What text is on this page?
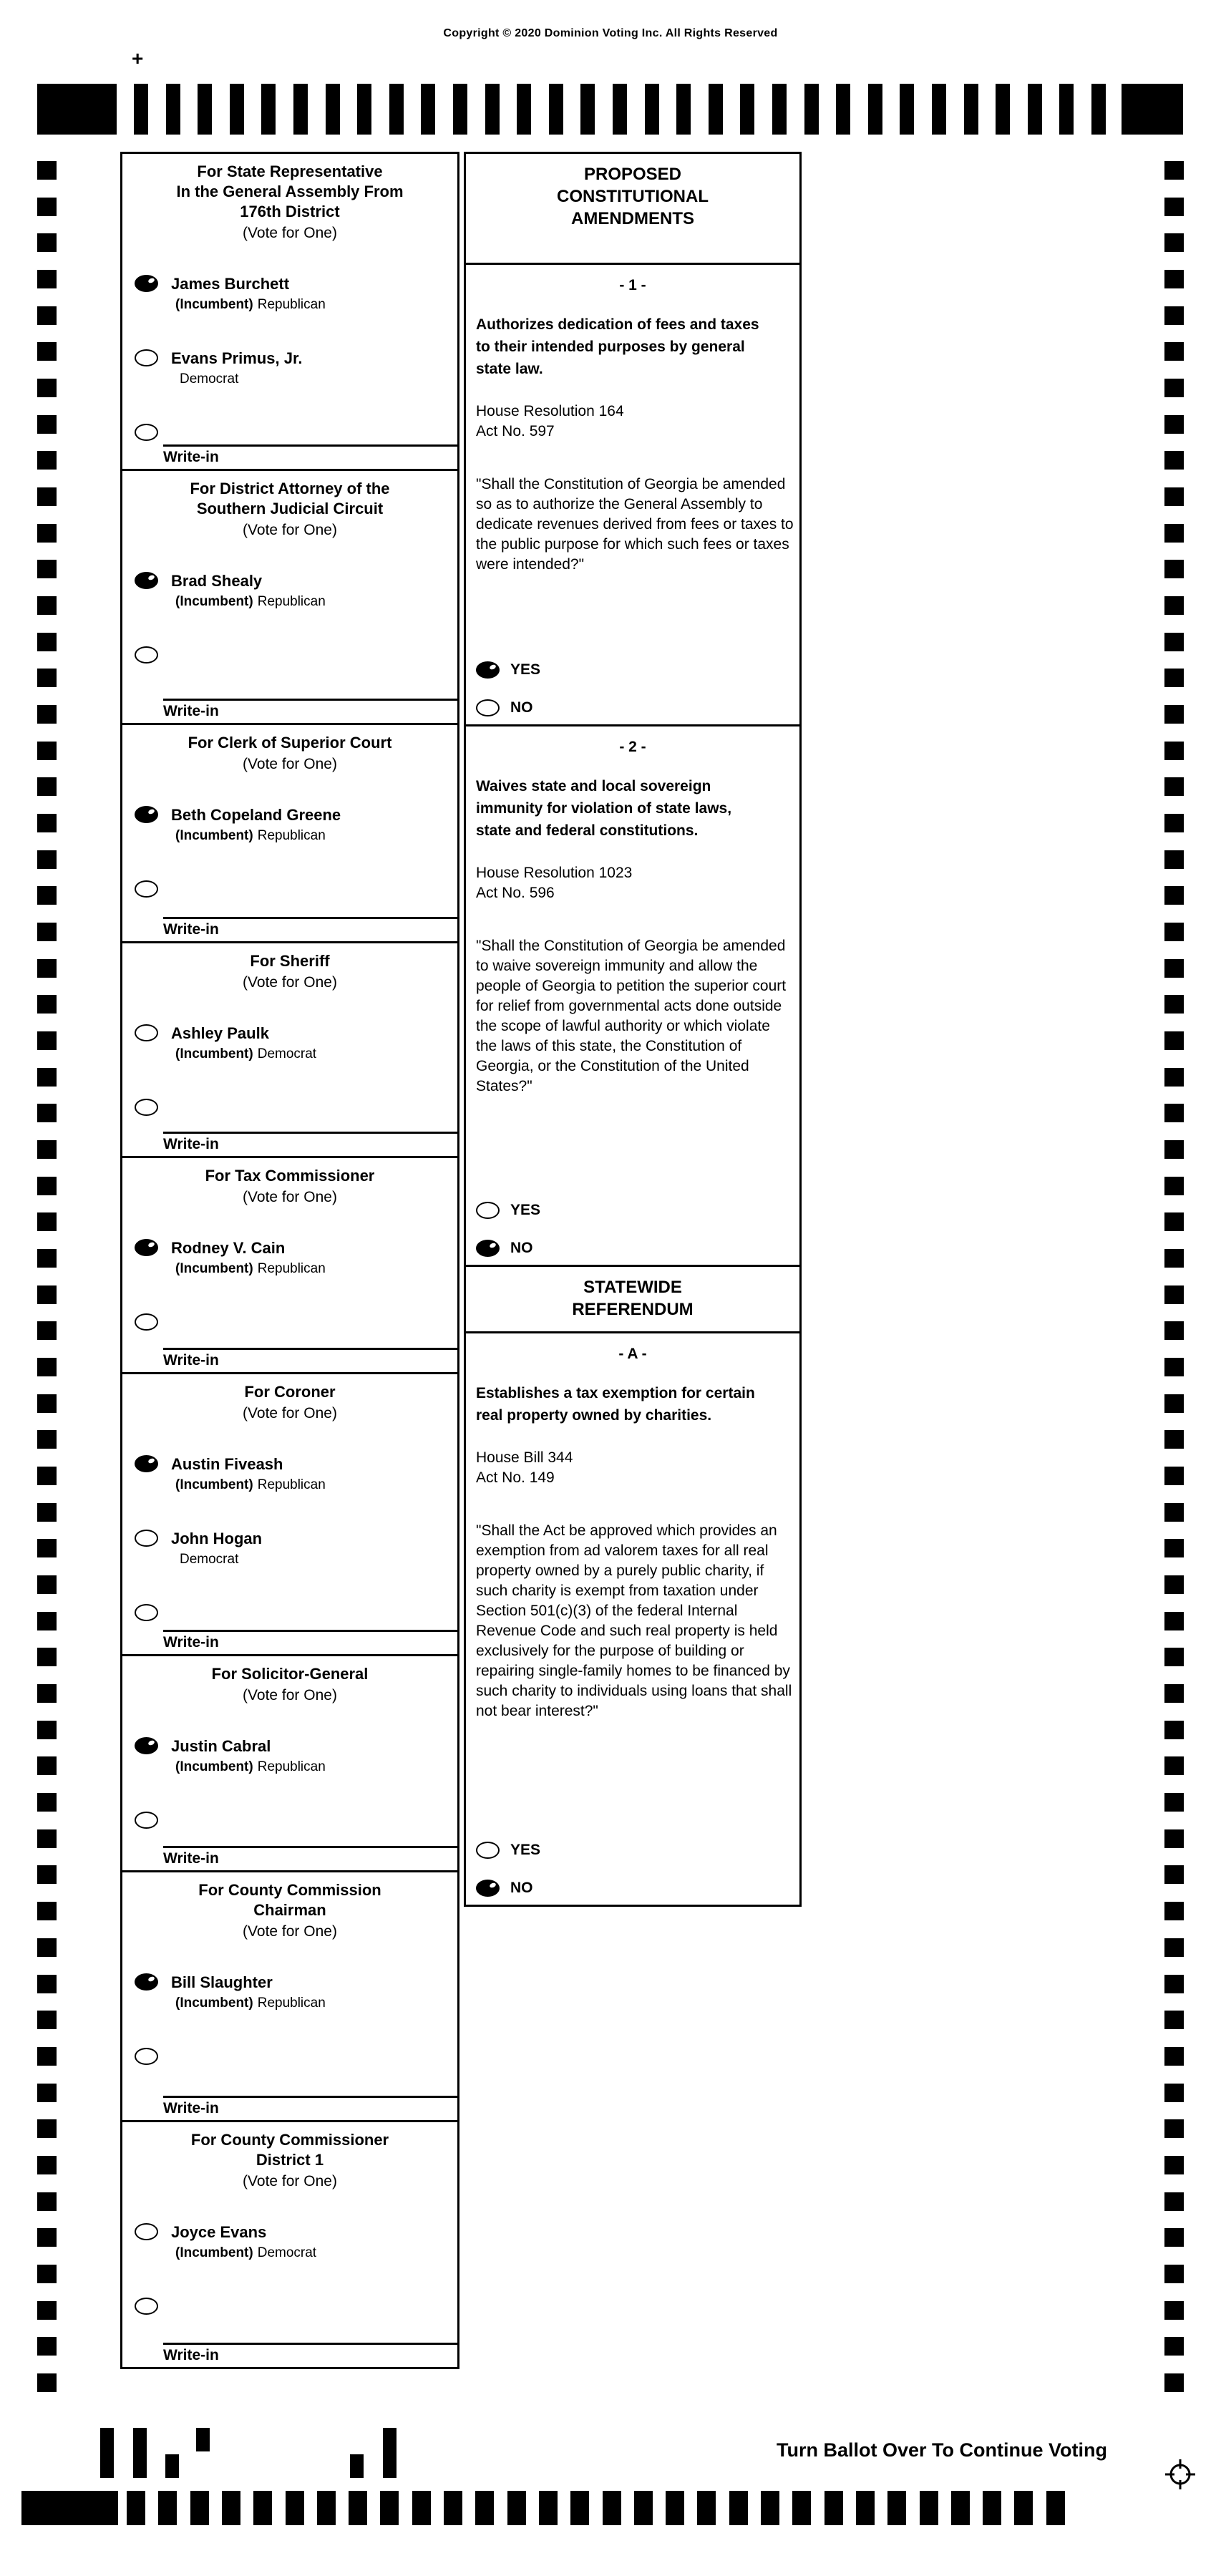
Copyright © 2020 Dominion Voting Inc. All Rights Reserved
+
For State Representative
In the General Assembly From
176th District
(Vote for One)
James Burchett
(Incumbent) Republican
Evans Primus, Jr.
Democrat
Write-in
For District Attorney of the
Southern Judicial Circuit
(Vote for One)
Brad Shealy
(Incumbent) Republican
Write-in
For Clerk of Superior Court
(Vote for One)
Beth Copeland Greene
(Incumbent) Republican
Write-in
For Sheriff
(Vote for One)
Ashley Paulk
(Incumbent) Democrat
Write-in
For Tax Commissioner
(Vote for One)
Rodney V. Cain
(Incumbent) Republican
Write-in
For Coroner
(Vote for One)
Austin Fiveash
(Incumbent) Republican
John Hogan
Democrat
Write-in
For Solicitor-General
(Vote for One)
Justin Cabral
(Incumbent) Republican
Write-in
For County Commission
Chairman
(Vote for One)
Bill Slaughter
(Incumbent) Republican
Write-in
For County Commissioner
District 1
(Vote for One)
Joyce Evans
(Incumbent) Democrat
Write-in
PROPOSED
CONSTITUTIONAL
AMENDMENTS
- 1 -
Authorizes dedication of fees and taxes to their intended purposes by general state law.
House Resolution 164
Act No. 597
"Shall the Constitution of Georgia be amended so as to authorize the General Assembly to dedicate revenues derived from fees or taxes to the public purpose for which such fees or taxes were intended?"
YES
NO
- 2 -
Waives state and local sovereign immunity for violation of state laws, state and federal constitutions.
House Resolution 1023
Act No. 596
"Shall the Constitution of Georgia be amended to waive sovereign immunity and allow the people of Georgia to petition the superior court for relief from governmental acts done outside the scope of lawful authority or which violate the laws of this state, the Constitution of Georgia, or the Constitution of the United States?"
YES
NO
STATEWIDE
REFERENDUM
- A -
Establishes a tax exemption for certain real property owned by charities.
House Bill 344
Act No. 149
"Shall the Act be approved which provides an exemption from ad valorem taxes for all real property owned by a purely public charity, if such charity is exempt from taxation under Section 501(c)(3) of the federal Internal Revenue Code and such real property is held exclusively for the purpose of building or repairing single-family homes to be financed by such charity to individuals using loans that shall not bear interest?"
YES
NO
27	Turn Ballot Over To Continue Voting
